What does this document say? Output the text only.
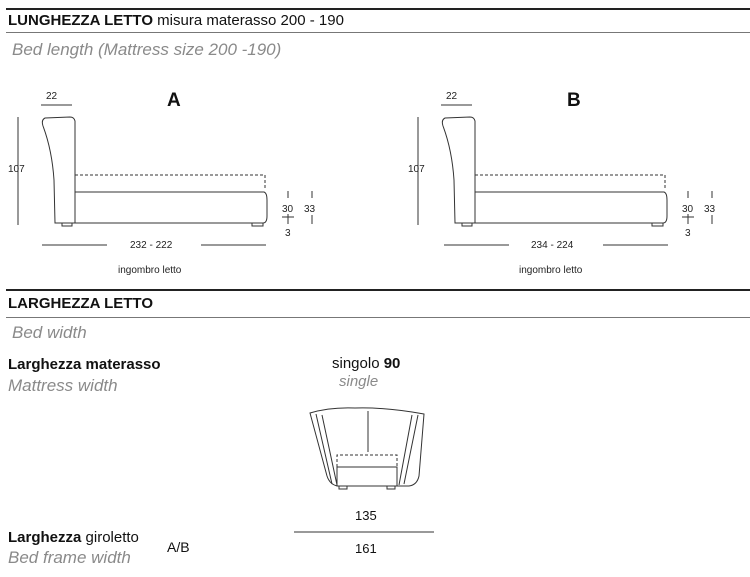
LUNGHEZZA LETTO misura materasso 200 - 190
Bed length (Mattress size 200 -190)
22	A
107
30
3
33
232 - 222
ingombro letto
22	B
107
30
3
33
234 - 224
ingombro letto
LARGHEZZA LETTO
Bed width
Larghezza materasso
Mattress width
singolo 90
single
135
161
Larghezza giroletto
A/B
Bed frame width
